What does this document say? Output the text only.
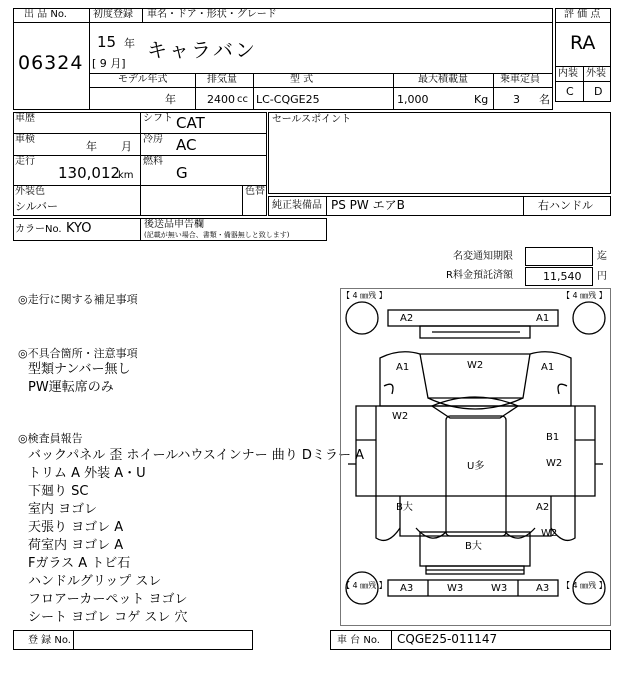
出 品 No.
06324
初度登録 車名・ドア・形状・グレード
15 年
[ 9 月]
キャラバン
モデル年式	排気量	型 式	最大積載量	乗車定員
年	2400 cc LC-CQGE25	1,000	Kg 3 名
評 価 点
RA
内装 外装
C D
車歴	シフト CAT
車検
年 月
冷房 AC
走行
130,012
km
燃料
G
外装色
シルバー
色替
セールスポイント
純正装備品 PS PW エアB	右ハンドル
カラーNo. KYO	後送品申告欄
(記載が無い場合、書類・備器無しと致します)
名変通知期限	迄
R料金預託済額	11,540 円
◎走行に関する補足事項
◎不具合箇所・注意事項
型類ナンバー無し
PW運転席のみ
◎検査員報告
バックパネル 歪 ホイールハウスインナー 曲り Dミラー A
トリム A 外装 A・U
下廻り SC
室内 ヨゴレ
天張り ヨゴレ A
荷室内 ヨゴレ A
Fガラス A トビ石
ハンドルグリップ スレ
フロアーカーペット ヨゴレ
シート ヨゴレ コゲ スレ 穴
【 4 ㎜残 】	【 4 ㎜残 】
【 4 ㎜残 】	【 4 ㎜残 】
A2	A1
A1	W2	A1
W2
B1
U多	W2
B大	A2
W2
B大
A3	W3	W3	A3
登 録 No.	車 台 No. CQGE25-011147
